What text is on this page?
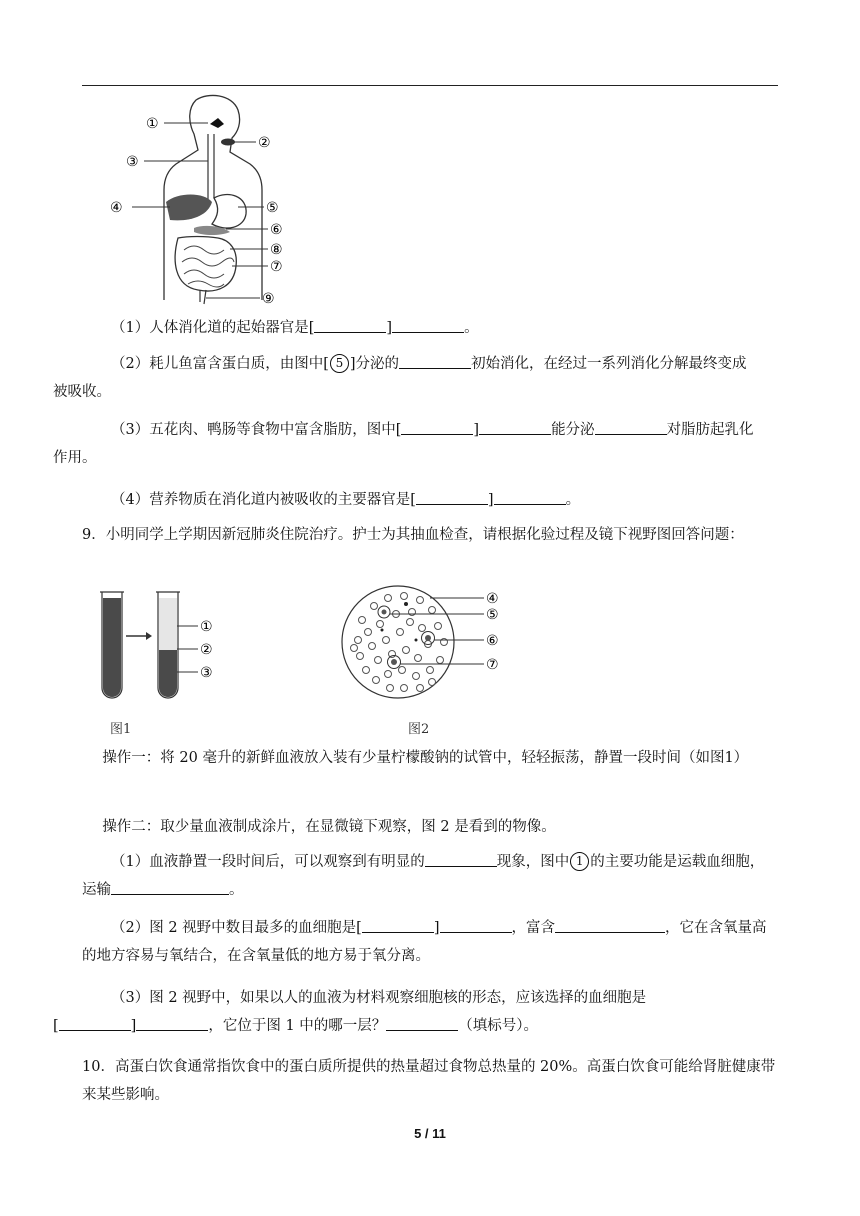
①
②
③
④	⑤
⑥
⑧
⑦
⑨

（1）人体消化道的起始器官是[	]	。

（2）耗儿鱼富含蛋白质，由图中[ 5 ]分泌的	初始消化，在经过一系列消化分解最终变成
被吸收。

（3）五花肉、鸭肠等食物中富含脂肪，图中[	]	能分泌	对脂肪起乳化
作用。

（4）营养物质在消化道内被吸收的主要器官是[	]	。

9．小明同学上学期因新冠肺炎住院治疗。护士为其抽血检查，请根据化验过程及镜下视野图回答问题：

①
②
③
图1
④
⑤
⑥
⑦
图2

操作一：将 20 毫升的新鲜血液放入装有少量柠檬酸钠的试管中，轻轻振荡，静置一段时间（如图1）

操作二：取少量血液制成涂片，在显微镜下观察，图 2 是看到的物像。

（1）血液静置一段时间后，可以观察到有明显的	现象，图中 1 的主要功能是运载血细胞，运输	。

（2）图 2 视野中数目最多的血细胞是[	]	，富含	，它在含氧量高的地方容易与氧结合，在含氧量低的地方易于氧分离。

（3）图 2 视野中，如果以人的血液为材料观察细胞核的形态，应该选择的血细胞是
[	]	，它位于图 1 中的哪一层？	（填标号）。

10．高蛋白饮食通常指饮食中的蛋白质所提供的热量超过食物总热量的 20%。高蛋白饮食可能给肾脏健康带来某些影响。

5 / 11
